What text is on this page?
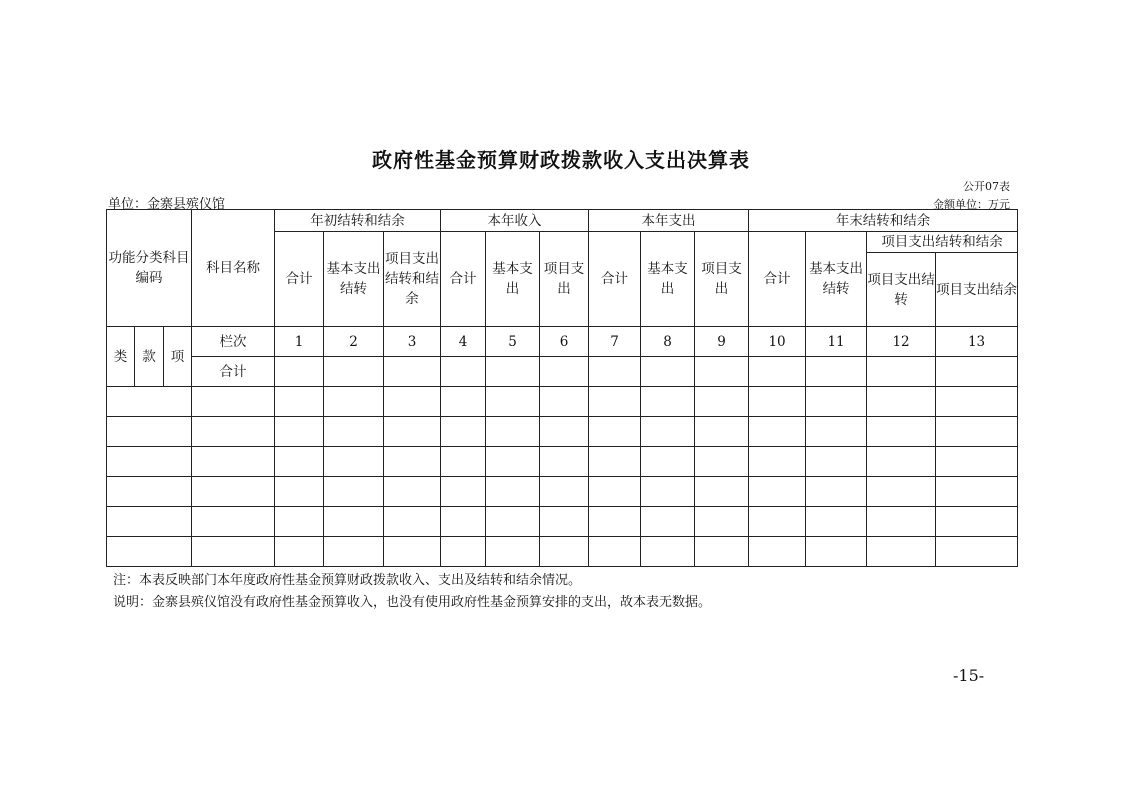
政府性基金预算财政拨款收入支出决算表
公开07表
单位：金寨县殡仪馆	金额单位：万元
功能分类科目编码			科目名称	年初结转和结余			本年收入			本年支出			年末结转和结余			
				合计	基本支出结转	项目支出结转和结余	合计	基本支出	项目支出	合计	基本支出	项目支出	合计	基本支出结转	项目支出结转和结余	
															项目支出结转	项目支出结余

类	款	项	栏次	1	2	3	4	5	6	7	8	9	10	11	12	13
			合计													

注：本表反映部门本年度政府性基金预算财政拨款收入、支出及结转和结余情况。
说明：金寨县殡仪馆没有政府性基金预算收入，也没有使用政府性基金预算安排的支出，故本表无数据。
-15-
